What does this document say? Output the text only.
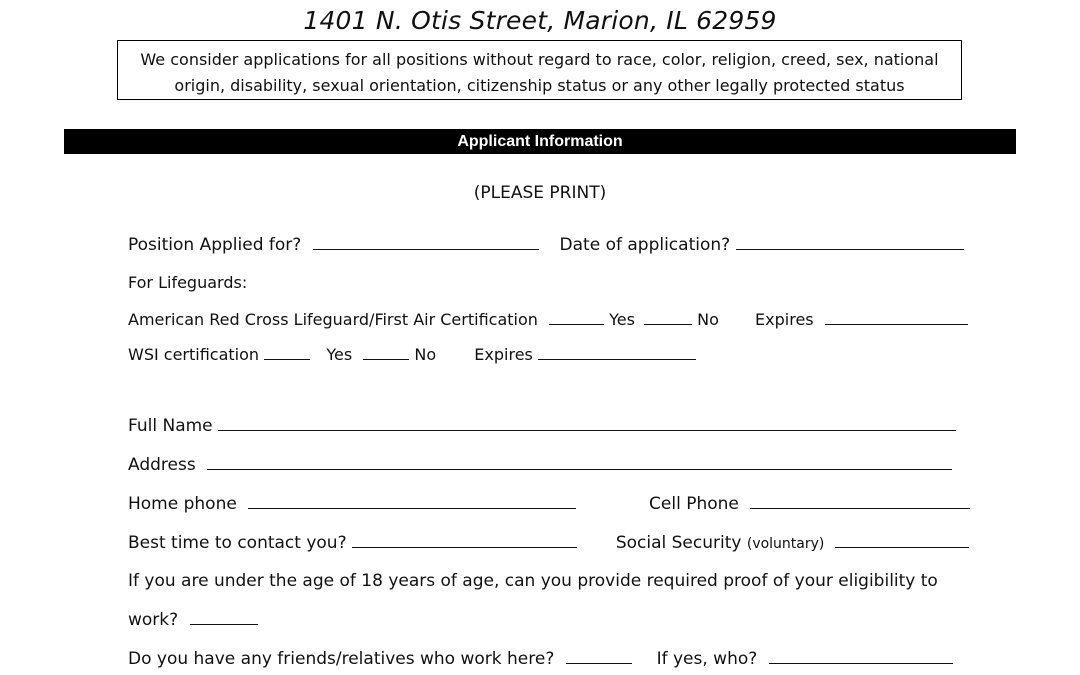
1401 N. Otis Street, Marion, IL 62959
We consider applications for all positions without regard to race, color, religion, creed, sex, national
origin, disability, sexual orientation, citizenship status or any other legally protected status
Applicant Information
(PLEASE PRINT)
Position Applied for?	Date of application?
For Lifeguards:
American Red Cross Lifeguard/First Air Certification	Yes	No Expires
WSI certification	Yes	No Expires
Full Name
Address
Home phone	Cell Phone
Best time to contact you?	Social Security (voluntary)
If you are under the age of 18 years of age, can you provide required proof of your eligibility to
work?
Do you have any friends/relatives who work here?	If yes, who?
